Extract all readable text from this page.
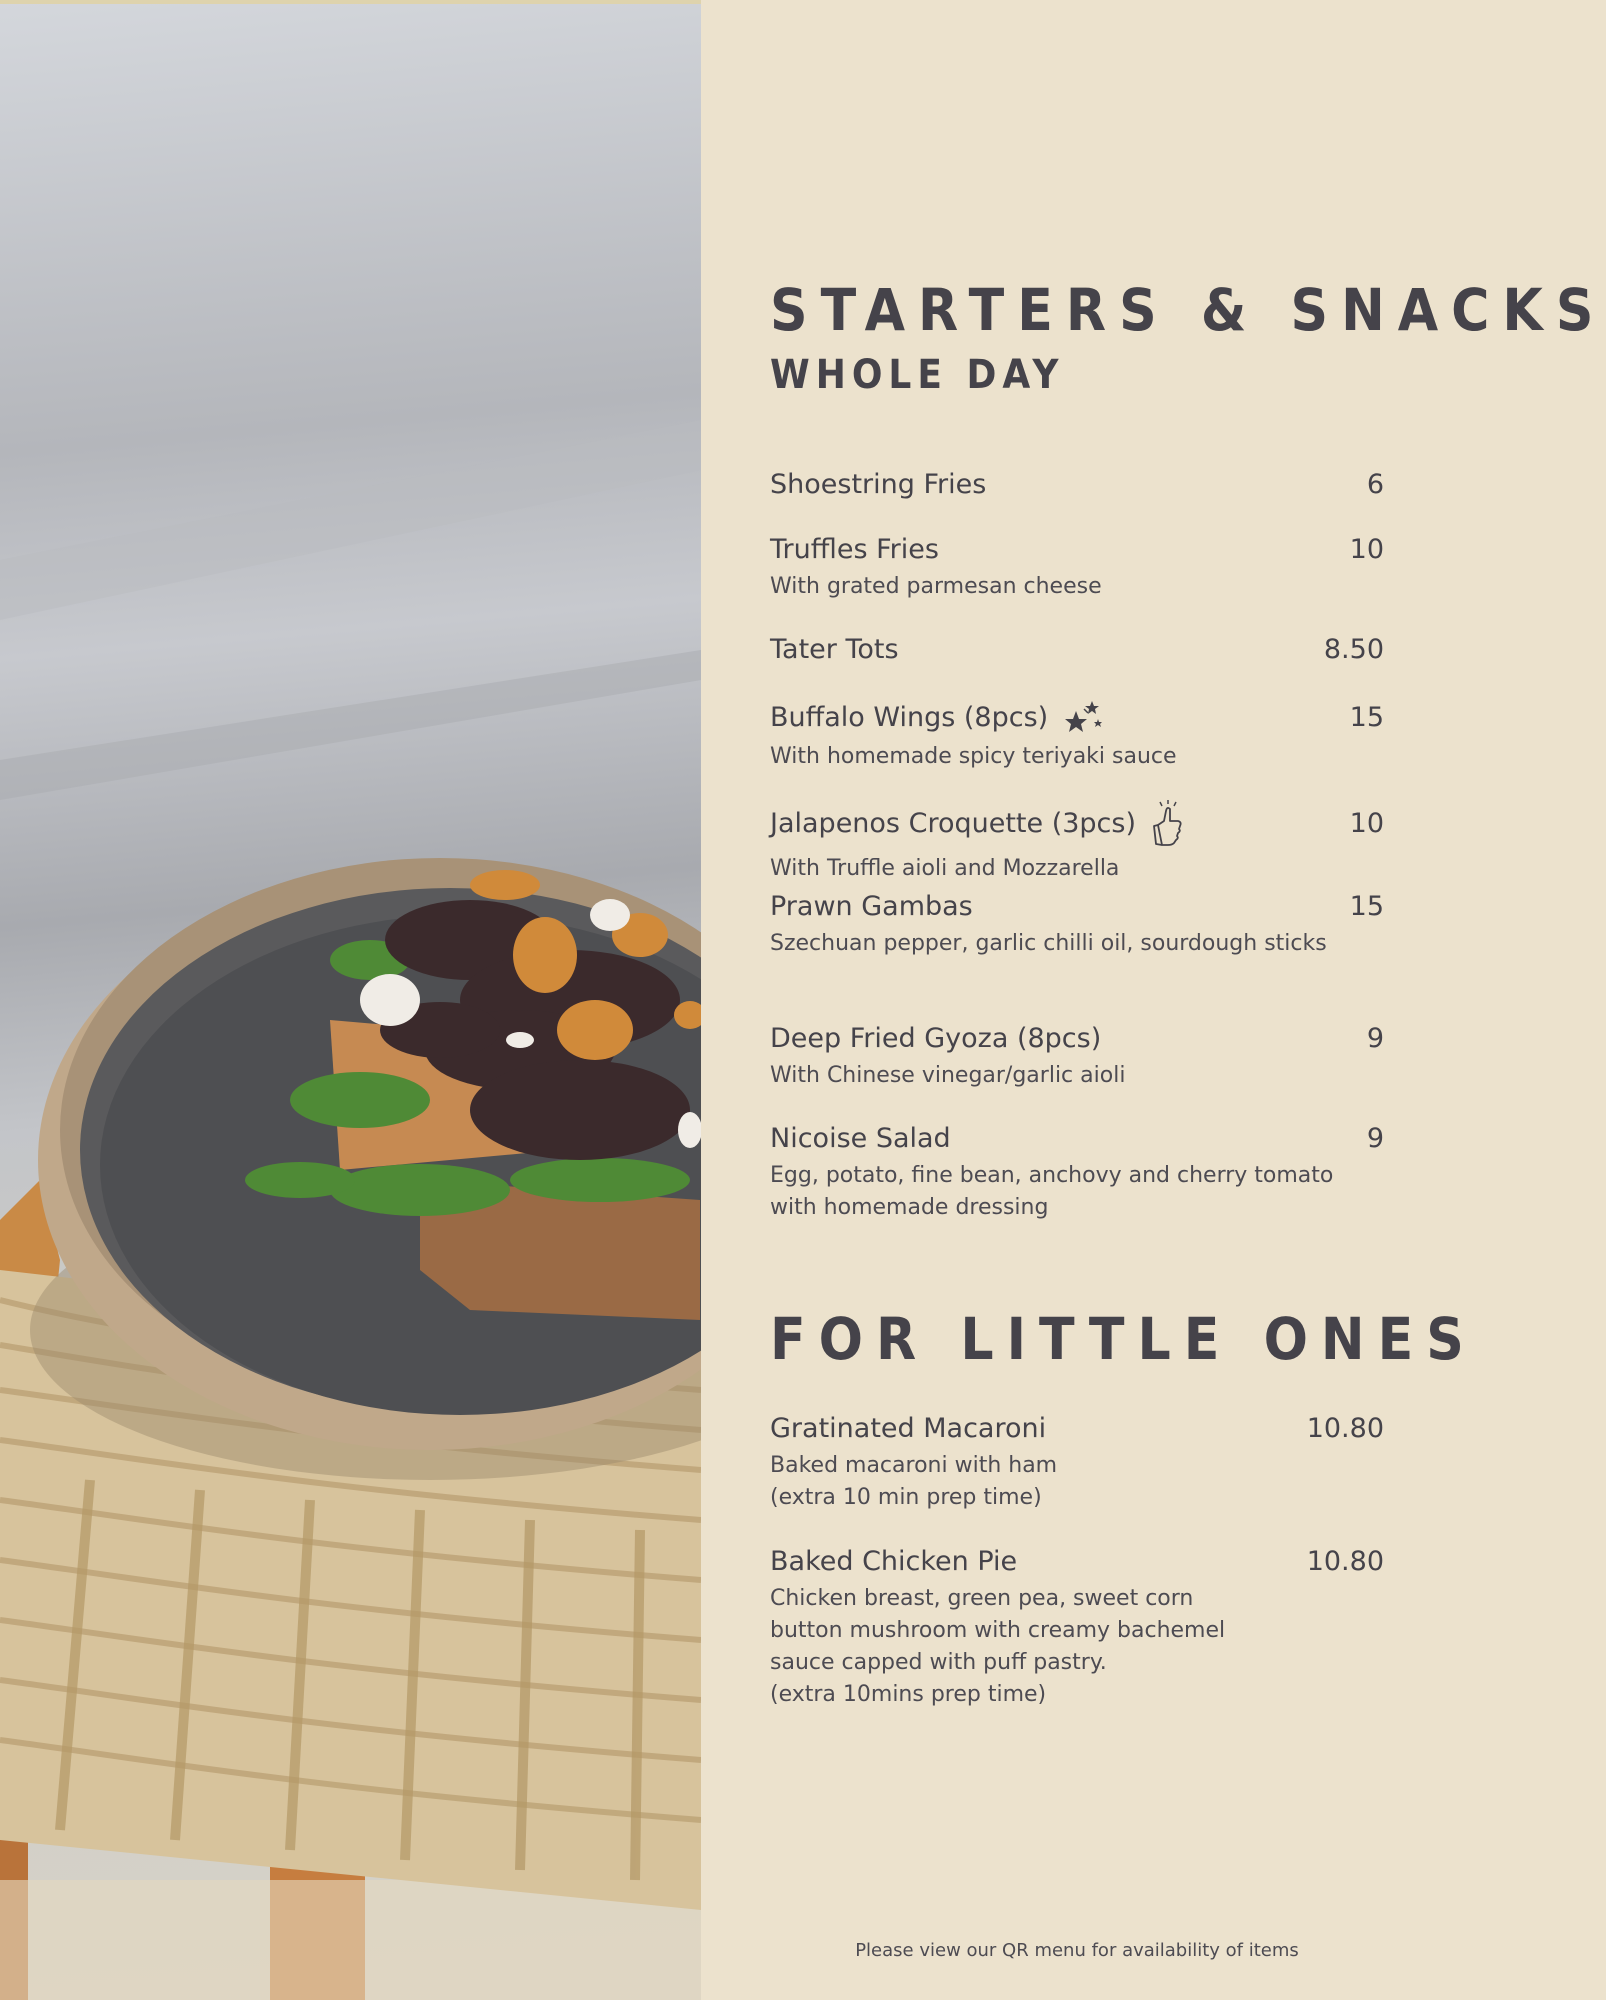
STARTERS & SNACKS
WHOLE DAY
Shoestring Fries	6
Truffles Fries	10
With grated parmesan cheese
Tater Tots	8.50
Buffalo Wings (8pcs)	15
With homemade spicy teriyaki sauce
Jalapenos Croquette (3pcs)	10
With Truffle aioli and Mozzarella
Prawn Gambas	15
Szechuan pepper, garlic chilli oil, sourdough sticks
Deep Fried Gyoza (8pcs)	9
With Chinese vinegar/garlic aioli
Nicoise Salad	9
Egg, potato, fine bean, anchovy and cherry tomato with homemade dressing
FOR LITTLE ONES
Gratinated Macaroni	10.80
Baked macaroni with ham
(extra 10 min prep time)
Baked Chicken Pie	10.80
Chicken breast, green pea, sweet corn
button mushroom with creamy bachemel
sauce capped with puff pastry.
(extra 10mins prep time)
Please view our QR menu for availability of items
